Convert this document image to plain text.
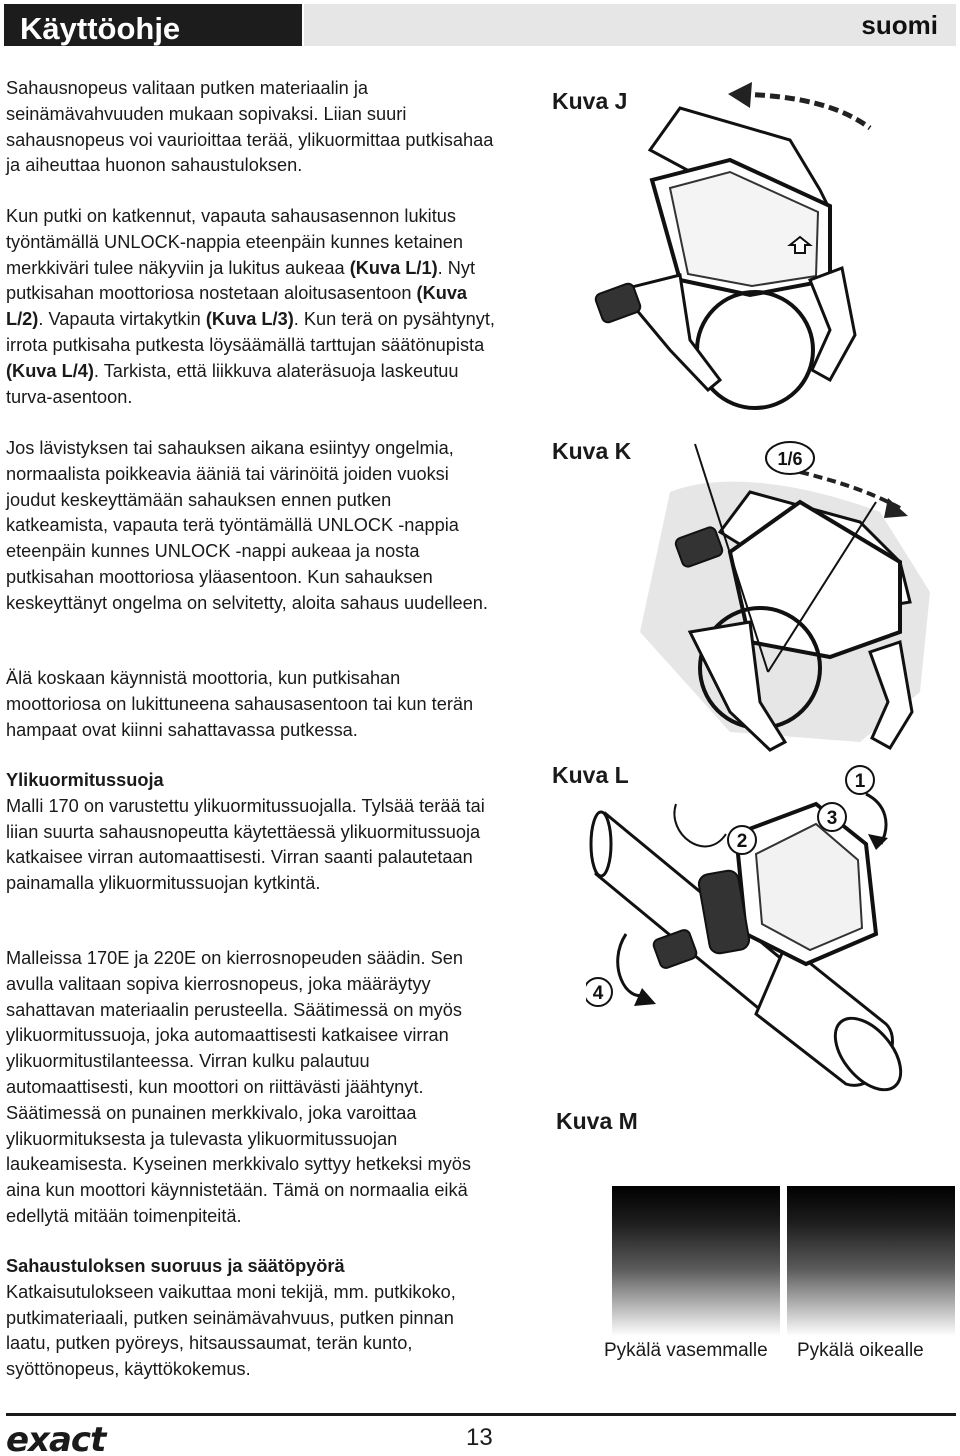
Käyttöohje	suomi

Sahausnopeus valitaan putken materiaalin ja seinämävahvuuden mukaan sopivaksi. Liian suuri sahausnopeus voi vaurioittaa terää, ylikuormittaa putkisahaa ja aiheuttaa huonon sahaustuloksen.

Kun putki on katkennut, vapauta sahausasennon lukitus työntämällä UNLOCK-nappia eteenpäin kunnes ketainen merkkiväri tulee näkyviin ja lukitus aukeaa (Kuva L/1). Nyt putkisahan moottoriosa nostetaan aloitusasentoon (Kuva L/2). Vapauta virtakytkin (Kuva L/3). Kun terä on pysähtynyt, irrota putkisaha putkesta löysäämällä tarttujan säätönupista (Kuva L/4). Tarkista, että liikkuva alateräsuoja laskeutuu turva-asentoon.

Jos lävistyksen tai sahauksen aikana esiintyy ongelmia, normaalista poikkeavia ääniä tai värinöitä joiden vuoksi joudut keskeyttämään sahauksen ennen putken katkeamista, vapauta terä työntämällä UNLOCK -nappia eteenpäin kunnes UNLOCK -nappi aukeaa ja nosta putkisahan moottoriosa yläasentoon. Kun sahauksen keskeyttänyt ongelma on selvitetty, aloita sahaus uudelleen.

Älä koskaan käynnistä moottoria, kun putkisahan moottoriosa on lukittuneena sahausasentoon tai kun terän hampaat ovat kiinni sahattavassa putkessa.

Ylikuormitussuoja
Malli 170 on varustettu ylikuormitussuojalla. Tylsää terää tai liian suurta sahausnopeutta käytettäessä ylikuormitussuoja katkaisee virran automaattisesti. Virran saanti palautetaan painamalla ylikuormitussuojan kytkintä.

Malleissa 170E ja 220E on kierrosnopeuden säädin. Sen avulla valitaan sopiva kierrosnopeus, joka määräytyy sahattavan materiaalin perusteella. Säätimessä on myös ylikuormitussuoja, joka automaattisesti katkaisee virran ylikuormitustilanteessa. Virran kulku palautuu automaattisesti, kun moottori on riittävästi jäähtynyt. Säätimessä on punainen merkkivalo, joka varoittaa ylikuormituksesta ja tulevasta ylikuormitussuojan laukeamisesta. Kyseinen merkkivalo syttyy hetkeksi myös aina kun moottori käynnistetään. Tämä on normaalia eikä edellytä mitään toimenpiteitä.

Sahaustuloksen suoruus ja säätöpyörä
Katkaisutulokseen vaikuttaa moni tekijä, mm. putkikoko, putkimateriaali, putken seinämävahvuus, putken pinnan laatu, putken pyöreys, hitsaussaumat, terän kunto, syöttönopeus, käyttökokemus.
Kuva J
Kuva K	1/6
Kuva L	1
2
3
4
Kuva M
Pykälä vasemmalle Pykälä oikealle
exact	13
